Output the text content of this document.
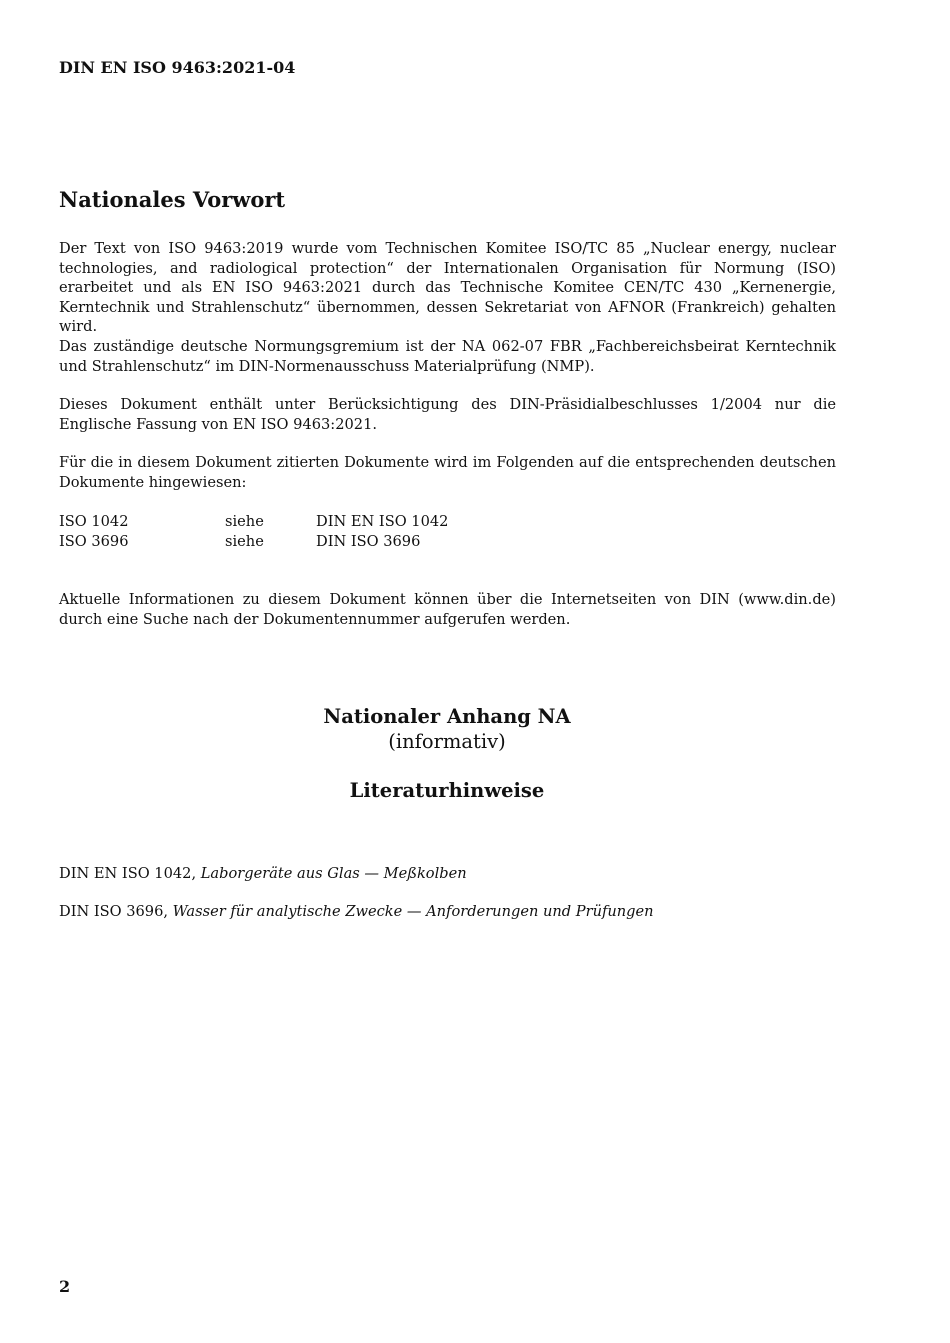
DIN EN ISO 9463:2021-04
Nationales Vorwort
Der Text von ISO 9463:2019 wurde vom Technischen Komitee ISO/TC 85 „Nuclear energy, nuclear technologies, and radiological protection“ der Internationalen Organisation für Normung (ISO) erarbeitet und als EN ISO 9463:2021 durch das Technische Komitee CEN/TC 430 „Kernenergie, Kerntechnik und Strahlenschutz“ übernommen, dessen Sekretariat von AFNOR (Frankreich) gehalten wird.
Das zuständige deutsche Normungsgremium ist der NA 062-07 FBR „Fachbereichsbeirat Kerntechnik und Strahlenschutz“ im DIN-Normenausschuss Materialprüfung (NMP).
Dieses Dokument enthält unter Berücksichtigung des DIN-Präsidialbeschlusses 1/2004 nur die Englische Fassung von EN ISO 9463:2021.
Für die in diesem Dokument zitierten Dokumente wird im Folgenden auf die entsprechenden deutschen Dokumente hingewiesen:
ISO 1042	siehe	DIN EN ISO 1042
ISO 3696	siehe	DIN ISO 3696
Aktuelle Informationen zu diesem Dokument können über die Internetseiten von DIN (www.din.de) durch eine Suche nach der Dokumentennummer aufgerufen werden.
Nationaler Anhang NA
(informativ)
Literaturhinweise
DIN EN ISO 1042, Laborgeräte aus Glas — Meßkolben
DIN ISO 3696, Wasser für analytische Zwecke — Anforderungen und Prüfungen
2
